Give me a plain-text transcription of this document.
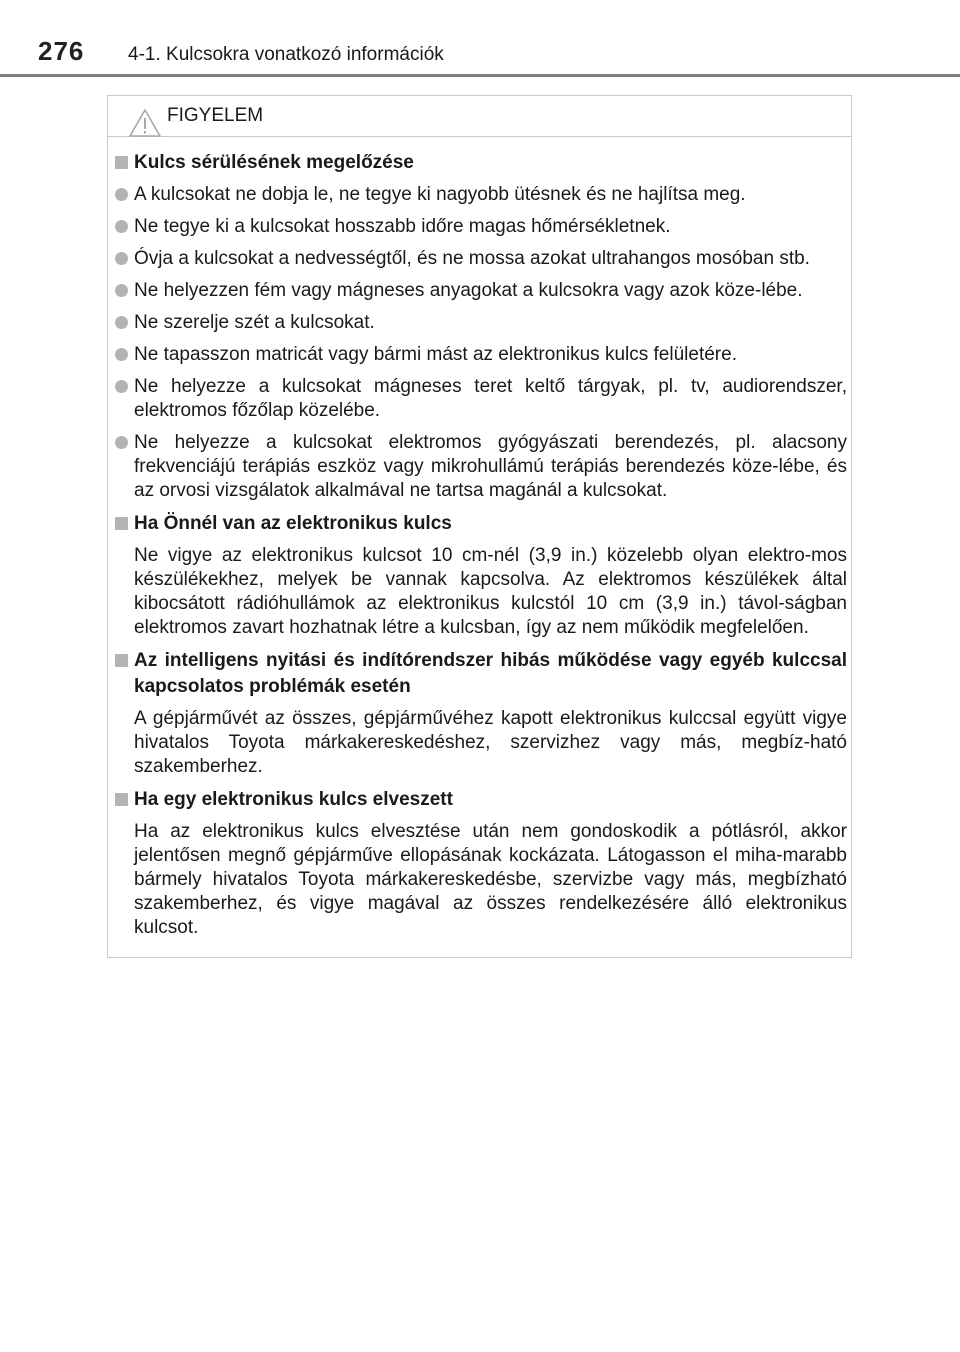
276 4-1. Kulcsokra vonatkozó információk
FIGYELEM
Kulcs sérülésének megelőzése
A kulcsokat ne dobja le, ne tegye ki nagyobb ütésnek és ne hajlítsa meg.
Ne tegye ki a kulcsokat hosszabb időre magas hőmérsékletnek.
Óvja a kulcsokat a nedvességtől, és ne mossa azokat ultrahangos mosóban stb.
Ne helyezzen fém vagy mágneses anyagokat a kulcsokra vagy azok köze-lébe.
Ne szerelje szét a kulcsokat.
Ne tapasszon matricát vagy bármi mást az elektronikus kulcs felületére.
Ne helyezze a kulcsokat mágneses teret keltő tárgyak, pl. tv, audiorendszer, elektromos főzőlap közelébe.
Ne helyezze a kulcsokat elektromos gyógyászati berendezés, pl. alacsony frekvenciájú terápiás eszköz vagy mikrohullámú terápiás berendezés köze-lébe, és az orvosi vizsgálatok alkalmával ne tartsa magánál a kulcsokat.
Ha Önnél van az elektronikus kulcs
Ne vigye az elektronikus kulcsot 10 cm-nél (3,9 in.) közelebb olyan elektro-mos készülékekhez, melyek be vannak kapcsolva. Az elektromos készülékek által kibocsátott rádióhullámok az elektronikus kulcstól 10 cm (3,9 in.) távol-ságban elektromos zavart hozhatnak létre a kulcsban, így az nem működik megfelelően.
Az intelligens nyitási és indítórendszer hibás működése vagy egyéb kulccsal kapcsolatos problémák esetén
A gépjárművét az összes, gépjárművéhez kapott elektronikus kulccsal együtt vigye hivatalos Toyota márkakereskedéshez, szervizhez vagy más, megbíz-ható szakemberhez.
Ha egy elektronikus kulcs elveszett
Ha az elektronikus kulcs elvesztése után nem gondoskodik a pótlásról, akkor jelentősen megnő gépjárműve ellopásának kockázata. Látogasson el miha-marabb bármely hivatalos Toyota márkakereskedésbe, szervizbe vagy más, megbízható szakemberhez, és vigye magával az összes rendelkezésére álló elektronikus kulcsot.
